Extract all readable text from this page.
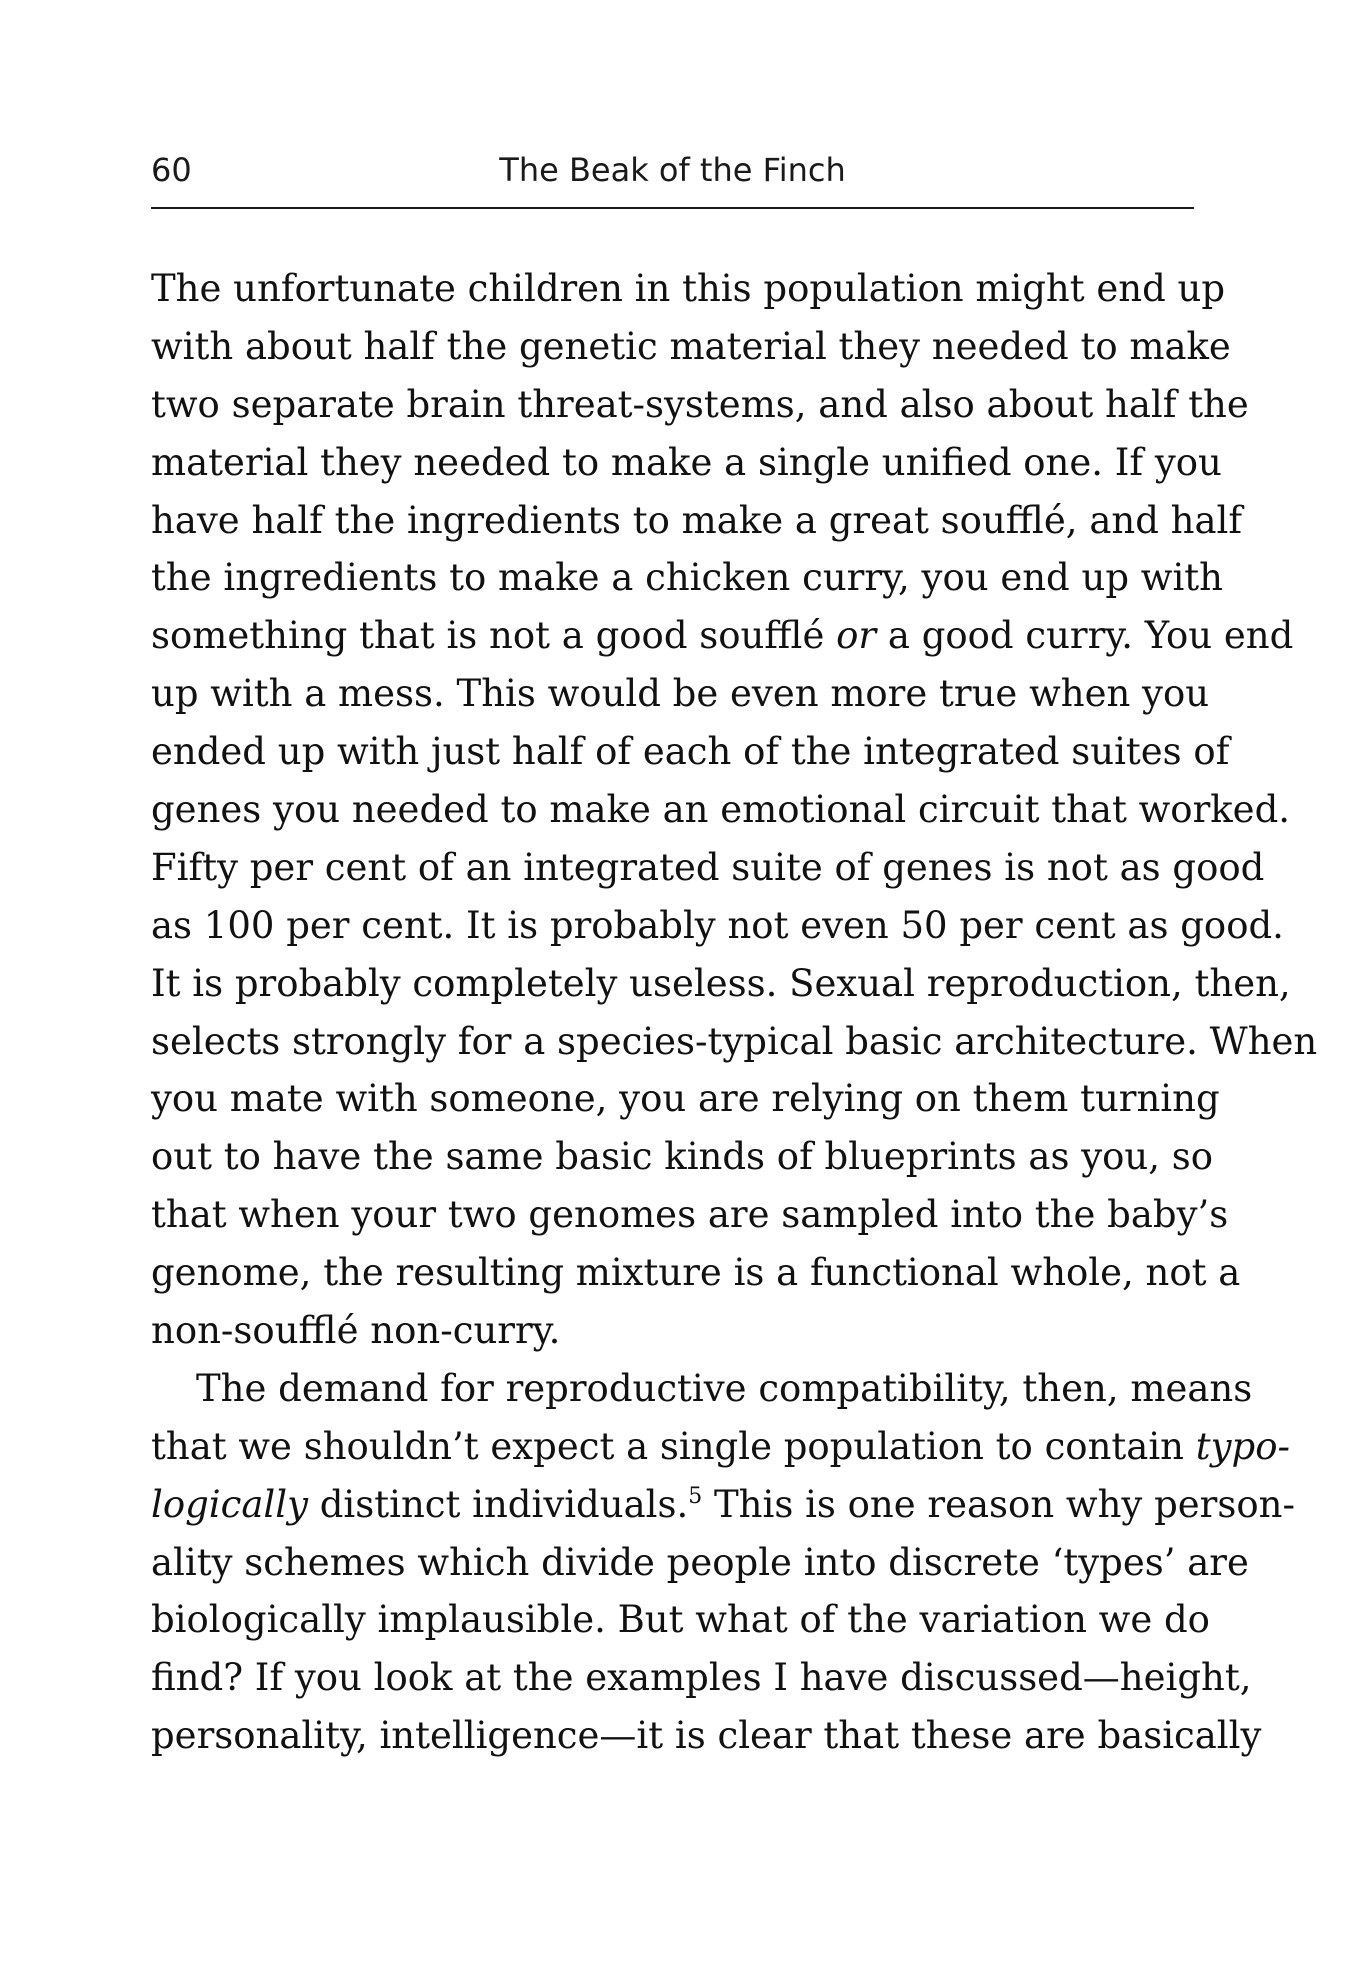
60	The Beak of the Finch
The unfortunate children in this population might end up
with about half the genetic material they needed to make
two separate brain threat-systems, and also about half the
material they needed to make a single unified one. If you
have half the ingredients to make a great soufflé, and half
the ingredients to make a chicken curry, you end up with
something that is not a good soufflé or a good curry. You end
up with a mess. This would be even more true when you
ended up with just half of each of the integrated suites of
genes you needed to make an emotional circuit that worked.
Fifty per cent of an integrated suite of genes is not as good
as 100 per cent. It is probably not even 50 per cent as good.
It is probably completely useless. Sexual reproduction, then,
selects strongly for a species-typical basic architecture. When
you mate with someone, you are relying on them turning
out to have the same basic kinds of blueprints as you, so
that when your two genomes are sampled into the baby’s
genome, the resulting mixture is a functional whole, not a
non-soufflé non-curry.
The demand for reproductive compatibility, then, means
that we shouldn’t expect a single population to contain typo-
logically distinct individuals.$^5$ This is one reason why person-
ality schemes which divide people into discrete ‘types’ are
biologically implausible. But what of the variation we do
find? If you look at the examples I have discussed—height,
personality, intelligence—it is clear that these are basically
